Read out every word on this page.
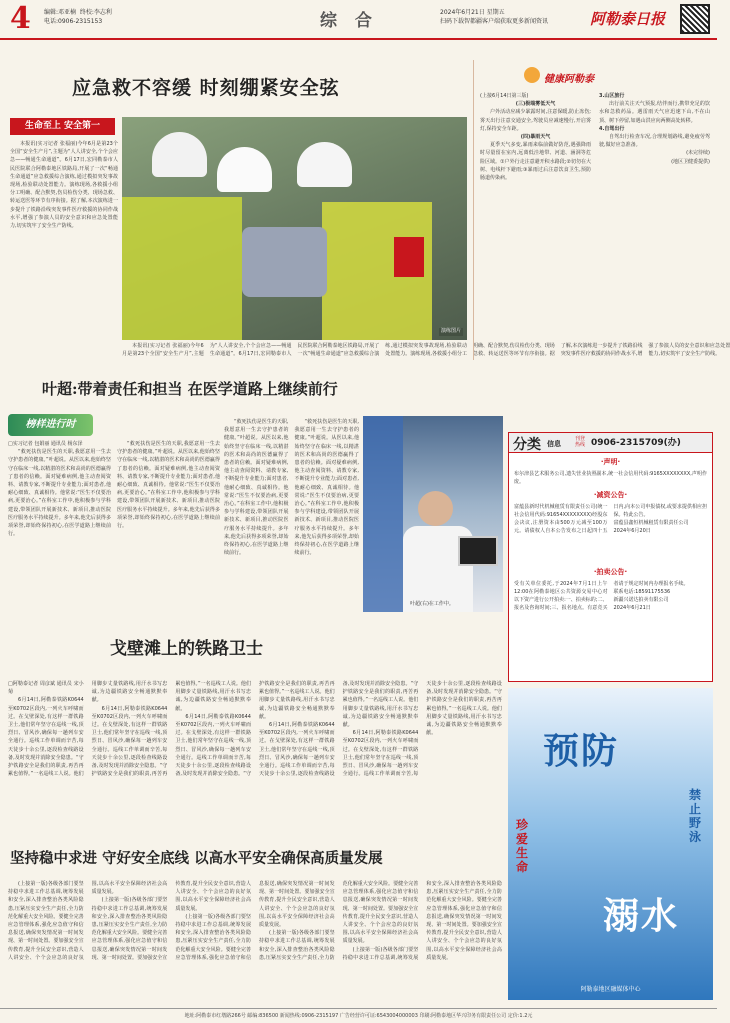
4 编辑:邓亚楠 终校:李志利
电话:0906-2315153	综 合	2024年6月21日 星期五
扫码下载智都疆客户端获取更多新闻资讯	阿勒泰日报
应急救不容缓 时刻绷紧安全弦
生命至上 安全第一

本报讯(实习记者 张福丽)今年6月是第23个全国“安全生产月”,主题为“人人讲安全,个个会应急——畅通生命通道”。6月17日,宏同勒泰市人民医院联合阿勒泰地区铁路局,开展了一次“畅通生命通道”应急救援综合演练,通过模拟突发事故现场,检验联动处置能力。演练现场,各救援小组分工明确、配合默契,伤员检伤分类、现场急救、转运送医等环节有序衔接。据了解,本次演练进一步提升了铁路沿线突发事件医疗救援的协同作战水平,增强了参演人员的安全意识和应急处置能力,切实筑牢了安全生产防线。

演练图片

本报讯(实习记者 张福丽)今年6月是第23个全国“安全生产月”,主题为“人人讲安全,个个会应急——畅通生命通道”。6月17日,宏同勒泰市人民医院联合阿勒泰地区铁路局,开展了一次“畅通生命通道”应急救援综合演练,通过模拟突发事故现场,检验联动处置能力。演练现场,各救援小组分工明确、配合默契,伤员检伤分类、现场急救、转运送医等环节有序衔接。据了解,本次演练进一步提升了铁路沿线突发事件医疗救援的协同作战水平,增强了参演人员的安全意识和应急处置能力,切实筑牢了安全生产防线。

健康阿勒泰
(上接6月14日第三版)
(三)极端雾低天气

户外活动应减少暴露时间,注意保暖,防止冻伤;雾天出行注意交通安全,驾驶员应减速慢行,开启雾灯,保持安全车距。

(四)暴雨天气

夏季天气多变,暴雨来临前做好防范,遇强降雨时尽量留在室内,远离低洼地带、河道、涵洞等危险区域。①户外行走注意避开积水路段;②切勿在大树、电线杆下避雨;③暴雨过后注意饮食卫生,预防肠道传染病。

3.山区旅行

出行前关注天气预报,结伴而行,携带充足的饮水和急救药品。遇雷雨天气应迅速下山,不在山顶、树下停留,如遇山洪应向两侧高处转移。

4.自驾出行

自驾出行检查车况,合理规划路线,避免疲劳驾驶,做好应急准备。

(未完待续)
(地区卫健委提供)
叶超:带着责任和担当 在医学道路上继续前行
榜样进行时
□实习记者 包娟丽 通讯员 杨东泽

“救死扶伤是医生的天职,我愿意用一生去守护患者的健康。”叶超说。从医以来,他始终坚守在临床一线,以精湛的医术和高尚的医德赢得了患者的信赖。面对疑难病例,他主动查阅资料、请教专家,不断提升专业能力;面对患者,他耐心细致、真诚相待。他常说:“医生不仅要治病,更要治心。”在科室工作中,他积极参与学科建设,带领团队开展新技术、新项目,推动医院医疗服务水平持续提升。多年来,他先后获得多项荣誉,却始终保持初心,在医学道路上继续前行。

“救死扶伤是医生的天职,我愿意用一生去守护患者的健康。”叶超说。从医以来,他始终坚守在临床一线,以精湛的医术和高尚的医德赢得了患者的信赖。面对疑难病例,他主动查阅资料、请教专家,不断提升专业能力;面对患者,他耐心细致、真诚相待。他常说:“医生不仅要治病,更要治心。”在科室工作中,他积极参与学科建设,带领团队开展新技术、新项目,推动医院医疗服务水平持续提升。多年来,他先后获得多项荣誉,却始终保持初心,在医学道路上继续前行。

“救死扶伤是医生的天职,我愿意用一生去守护患者的健康。”叶超说。从医以来,他始终坚守在临床一线,以精湛的医术和高尚的医德赢得了患者的信赖。面对疑难病例,他主动查阅资料、请教专家,不断提升专业能力;面对患者,他耐心细致、真诚相待。他常说:“医生不仅要治病,更要治心。”在科室工作中,他积极参与学科建设,带领团队开展新技术、新项目,推动医院医疗服务水平持续提升。多年来,他先后获得多项荣誉,却始终保持初心,在医学道路上继续前行。

“救死扶伤是医生的天职,我愿意用一生去守护患者的健康。”叶超说。从医以来,他始终坚守在临床一线,以精湛的医术和高尚的医德赢得了患者的信赖。面对疑难病例,他主动查阅资料、请教专家,不断提升专业能力;面对患者,他耐心细致、真诚相待。他常说:“医生不仅要治病,更要治心。”在科室工作中,他积极参与学科建设,带领团队开展新技术、新项目,推动医院医疗服务水平持续提升。多年来,他先后获得多项荣誉,却始终保持初心,在医学道路上继续前行。

叶超(右)在工作中。
分类 信息
刊登热线 0906-2315709(办)
·声明·
布尔津县艺术服务公司,遗失营业执照副本,统一社会信用代码:9165XXXXXXXX,声明作废。
·减资公告·
富蕴县新时代机械租赁有限责任公司(统一社会信用代码:91654XXXXXXXX)经股东会决议,注册资本由500万元减至100万元。请债权人自本公告发布之日起四十五日内,向本公司申报债权,或要求提供相应担保。特此公告。
富蕴县鑫恒机械租赁有限责任公司
2024年6月20日
·拍卖公告·
受有关单位委托,于2024年7月1日上午12:00在阿勒泰地区公共资源交易中心对以下资产进行公开拍卖:一、拍卖标的;二、报名及咨询时间;三、报名地点。有意竞买者请于规定时间内办理报名手续。
联系电话:18591175536
新疆兴诺达拍卖有限公司
2024年6月21日
戈壁滩上的铁路卫士
□阿勒泰记者 周彦斌 通讯员 宋小菊

6月14日,阿勒泰铁路K0644至K0702区段内,一列火车呼啸而过。在戈壁深处,有这样一群铁路卫士,他们常年坚守在巡线一线,顶烈日、冒风沙,确保每一趟列车安全通行。巡线工作单调而辛苦,每天徒步十余公里,逐段检查线路设备,及时发现并消除安全隐患。“守护铁路安全是我们的职责,再苦再累也值得。”一名巡线工人说。他们用脚步丈量铁路线,用汗水书写忠诚,为边疆铁路安全畅通默默奉献。

6月14日,阿勒泰铁路K0644至K0702区段内,一列火车呼啸而过。在戈壁深处,有这样一群铁路卫士,他们常年坚守在巡线一线,顶烈日、冒风沙,确保每一趟列车安全通行。巡线工作单调而辛苦,每天徒步十余公里,逐段检查线路设备,及时发现并消除安全隐患。“守护铁路安全是我们的职责,再苦再累也值得。”一名巡线工人说。他们用脚步丈量铁路线,用汗水书写忠诚,为边疆铁路安全畅通默默奉献。

6月14日,阿勒泰铁路K0644至K0702区段内,一列火车呼啸而过。在戈壁深处,有这样一群铁路卫士,他们常年坚守在巡线一线,顶烈日、冒风沙,确保每一趟列车安全通行。巡线工作单调而辛苦,每天徒步十余公里,逐段检查线路设备,及时发现并消除安全隐患。“守护铁路安全是我们的职责,再苦再累也值得。”一名巡线工人说。他们用脚步丈量铁路线,用汗水书写忠诚,为边疆铁路安全畅通默默奉献。

6月14日,阿勒泰铁路K0644至K0702区段内,一列火车呼啸而过。在戈壁深处,有这样一群铁路卫士,他们常年坚守在巡线一线,顶烈日、冒风沙,确保每一趟列车安全通行。巡线工作单调而辛苦,每天徒步十余公里,逐段检查线路设备,及时发现并消除安全隐患。“守护铁路安全是我们的职责,再苦再累也值得。”一名巡线工人说。他们用脚步丈量铁路线,用汗水书写忠诚,为边疆铁路安全畅通默默奉献。

6月14日,阿勒泰铁路K0644至K0702区段内,一列火车呼啸而过。在戈壁深处,有这样一群铁路卫士,他们常年坚守在巡线一线,顶烈日、冒风沙,确保每一趟列车安全通行。巡线工作单调而辛苦,每天徒步十余公里,逐段检查线路设备,及时发现并消除安全隐患。“守护铁路安全是我们的职责,再苦再累也值得。”一名巡线工人说。他们用脚步丈量铁路线,用汗水书写忠诚,为边疆铁路安全畅通默默奉献。	预防
溺水
珍爱生命
禁止野泳
阿勒泰地区融媒体中心
坚持稳中求进 守好安全底线 以高水平安全确保高质量发展

(上接第一版)各级各部门要坚持稳中求进工作总基调,统筹发展和安全,深入排查整治各类风险隐患,压紧压实安全生产责任,全力防范化解重大安全风险。要健全完善应急管理体系,强化应急值守和信息报送,确保突发情况第一时间发现、第一时间处置。要加强安全宣传教育,提升全民安全意识,营造人人讲安全、个个会应急的良好氛围,以高水平安全保障经济社会高质量发展。

(上接第一版)各级各部门要坚持稳中求进工作总基调,统筹发展和安全,深入排查整治各类风险隐患,压紧压实安全生产责任,全力防范化解重大安全风险。要健全完善应急管理体系,强化应急值守和信息报送,确保突发情况第一时间发现、第一时间处置。要加强安全宣传教育,提升全民安全意识,营造人人讲安全、个个会应急的良好氛围,以高水平安全保障经济社会高质量发展。

(上接第一版)各级各部门要坚持稳中求进工作总基调,统筹发展和安全,深入排查整治各类风险隐患,压紧压实安全生产责任,全力防范化解重大安全风险。要健全完善应急管理体系,强化应急值守和信息报送,确保突发情况第一时间发现、第一时间处置。要加强安全宣传教育,提升全民安全意识,营造人人讲安全、个个会应急的良好氛围,以高水平安全保障经济社会高质量发展。

(上接第一版)各级各部门要坚持稳中求进工作总基调,统筹发展和安全,深入排查整治各类风险隐患,压紧压实安全生产责任,全力防范化解重大安全风险。要健全完善应急管理体系,强化应急值守和信息报送,确保突发情况第一时间发现、第一时间处置。要加强安全宣传教育,提升全民安全意识,营造人人讲安全、个个会应急的良好氛围,以高水平安全保障经济社会高质量发展。

(上接第一版)各级各部门要坚持稳中求进工作总基调,统筹发展和安全,深入排查整治各类风险隐患,压紧压实安全生产责任,全力防范化解重大安全风险。要健全完善应急管理体系,强化应急值守和信息报送,确保突发情况第一时间发现、第一时间处置。要加强安全宣传教育,提升全民安全意识,营造人人讲安全、个个会应急的良好氛围,以高水平安全保障经济社会高质量发展。

地址:阿勒泰市红墩路266号 邮编:836500 新闻热线:0906-2315197 广告经营许可证:6543004000003 印刷:阿勒泰地区华兴印务有限责任公司 定价:1.2元
